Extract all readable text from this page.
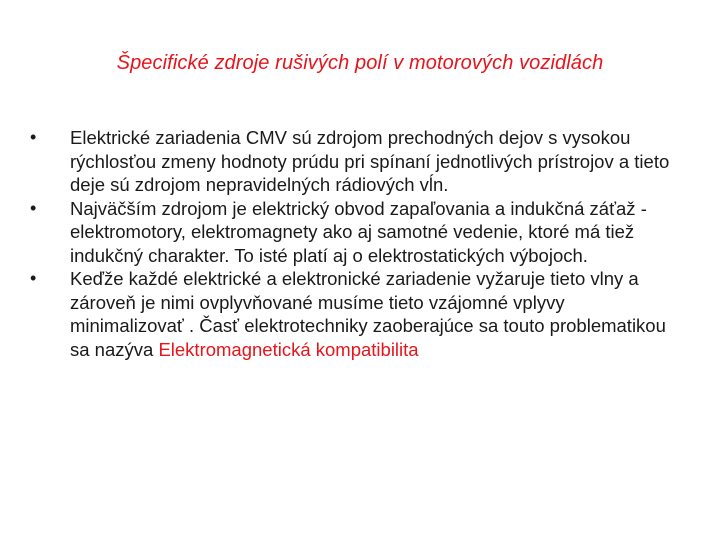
Špecifické zdroje rušivých polí v motorových vozidlách
•	Elektrické zariadenia CMV sú zdrojom prechodných dejov s vysokou rýchlosťou zmeny hodnoty prúdu pri spínaní jednotlivých prístrojov a tieto deje sú zdrojom nepravidelných rádiových vĺn.
•	Najväčším zdrojom je elektrický obvod zapaľovania a indukčná záťaž - elektromotory, elektromagnety ako aj samotné vedenie, ktoré má tiež indukčný charakter. To isté platí aj o elektrostatických výbojoch.
•	Keďže každé elektrické a elektronické zariadenie vyžaruje tieto vlny a zároveň je nimi ovplyvňované musíme tieto vzájomné vplyvy minimalizovať . Časť elektrotechniky zaoberajúce sa touto problematikou sa nazýva Elektromagnetická kompatibilita
